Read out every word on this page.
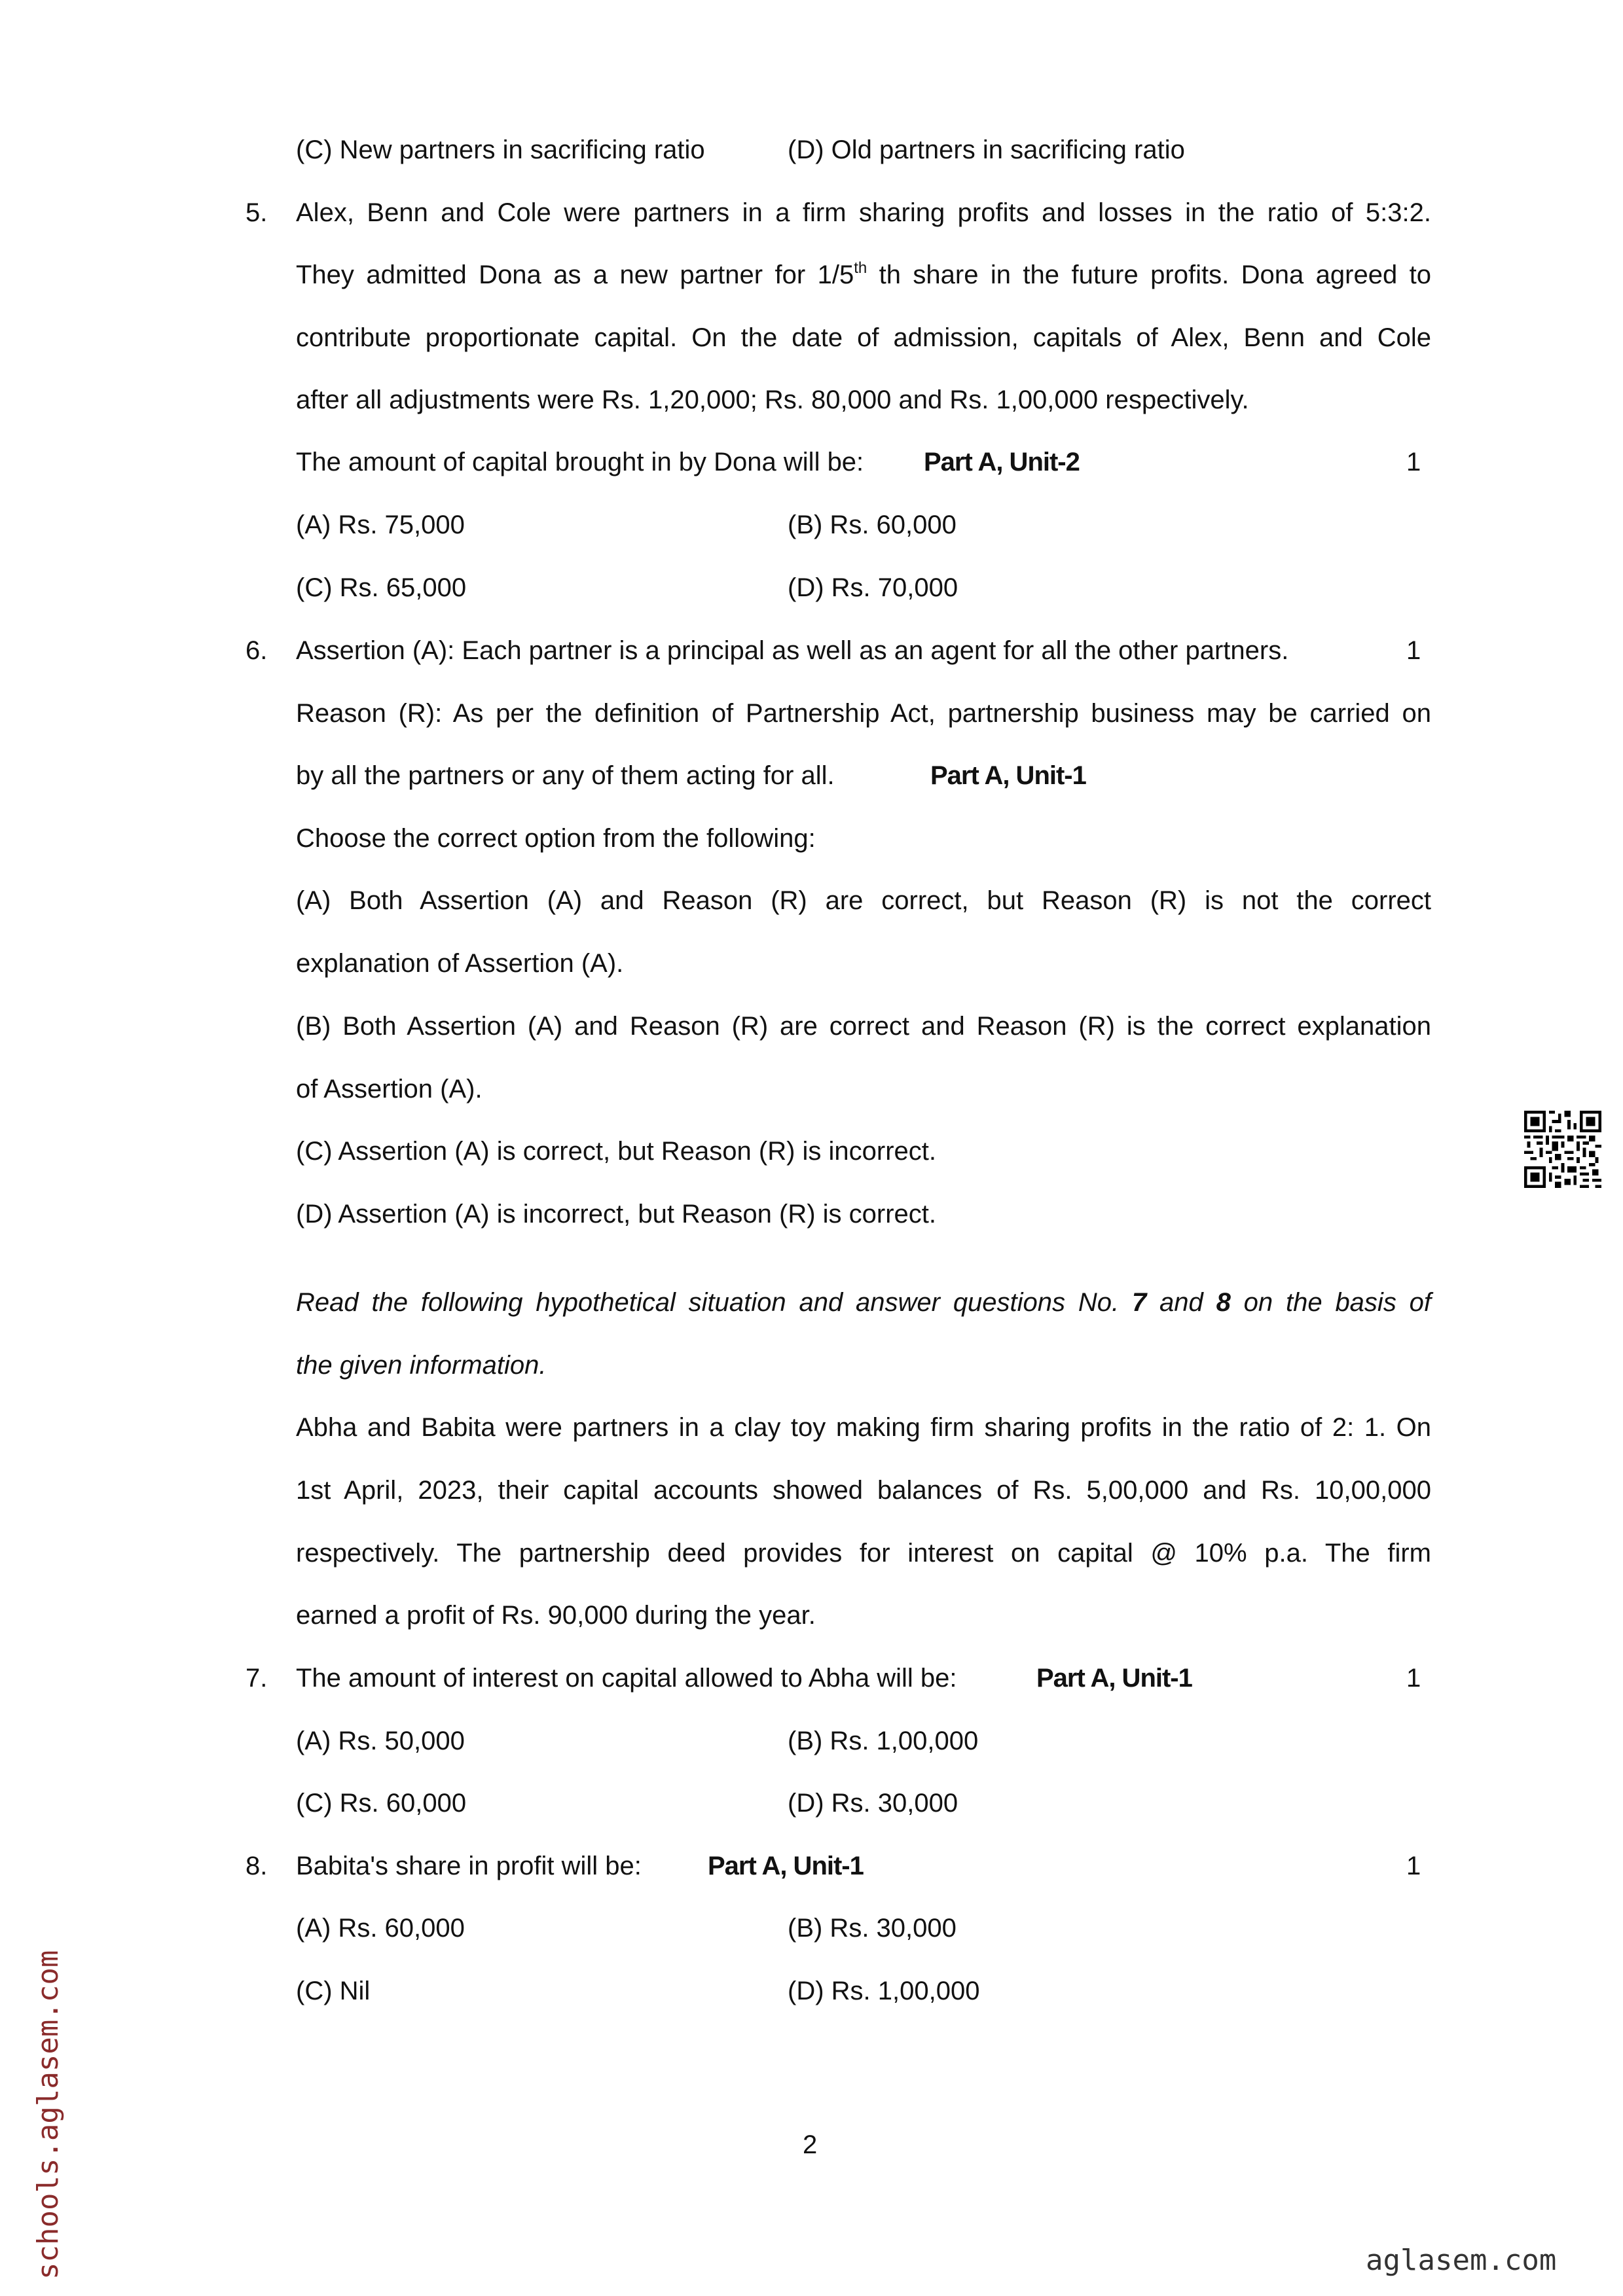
(C) New partners in sacrificing ratio	(D) Old partners in sacrificing ratio
5. Alex, Benn and Cole were partners in a firm sharing profits and losses in the ratio of 5:3:2.
They admitted Dona as a new partner for 1/5th th share in the future profits. Dona agreed to
contribute proportionate capital. On the date of admission, capitals of Alex, Benn and Cole
after all adjustments were Rs. 1,20,000; Rs. 80,000 and Rs. 1,00,000 respectively.
The amount of capital brought in by Dona will be: Part A, Unit-2	1
(A) Rs. 75,000	(B) Rs. 60,000
(C) Rs. 65,000	(D) Rs. 70,000
6. Assertion (A): Each partner is a principal as well as an agent for all the other partners.	1
Reason (R): As per the definition of Partnership Act, partnership business may be carried on
by all the partners or any of them acting for all.	Part A, Unit-1
Choose the correct option from the following:
(A) Both Assertion (A) and Reason (R) are correct, but Reason (R) is not the correct
explanation of Assertion (A).
(B) Both Assertion (A) and Reason (R) are correct and Reason (R) is the correct explanation
of Assertion (A).
(C) Assertion (A) is correct, but Reason (R) is incorrect.
(D) Assertion (A) is incorrect, but Reason (R) is correct.
Read the following hypothetical situation and answer questions No. 7 and 8 on the basis of
the given information.
Abha and Babita were partners in a clay toy making firm sharing profits in the ratio of 2: 1. On
1st April, 2023, their capital accounts showed balances of Rs. 5,00,000 and Rs. 10,00,000
respectively. The partnership deed provides for interest on capital @ 10% p.a. The firm
earned a profit of Rs. 90,000 during the year.
7. The amount of interest on capital allowed to Abha will be:	Part A, Unit-1	1
(A) Rs. 50,000	(B) Rs. 1,00,000
(C) Rs. 60,000	(D) Rs. 30,000
8. Babita's share in profit will be:	Part A, Unit-1	1
(A) Rs. 60,000	(B) Rs. 30,000
(C) Nil	(D) Rs. 1,00,000
2
schools.aglasem.com	aglasem.com
